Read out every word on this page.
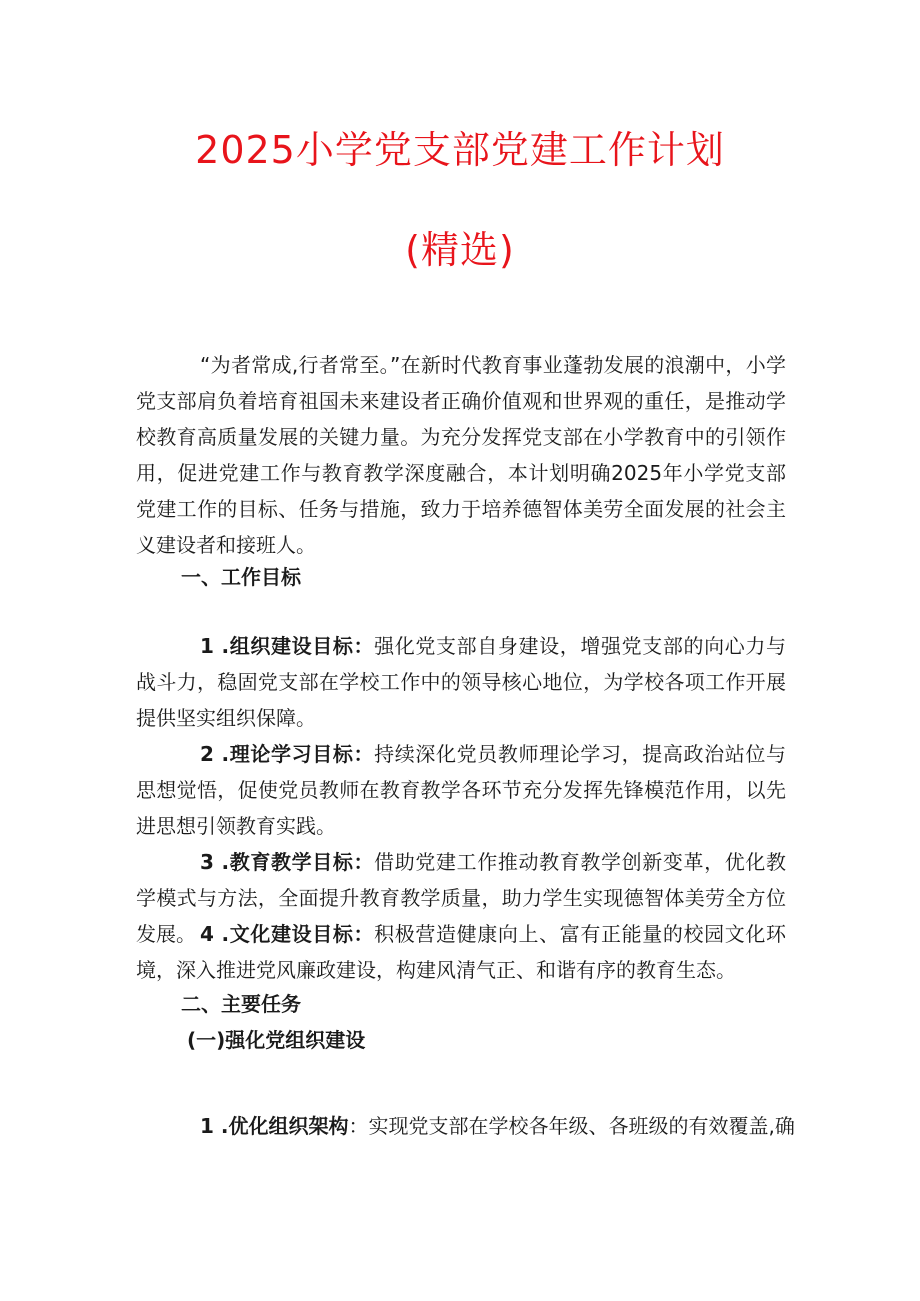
2025小学党支部党建工作计划
(精选)

“为者常成,行者常至。”在新时代教育事业蓬勃发展的浪潮中，小学党支部肩负着培育祖国未来建设者正确价值观和世界观的重任，是推动学校教育高质量发展的关键力量。为充分发挥党支部在小学教育中的引领作用，促进党建工作与教育教学深度融合，本计划明确2025年小学党支部党建工作的目标、任务与措施，致力于培养德智体美劳全面发展的社会主义建设者和接班人。

一、工作目标

1 .组织建设目标：强化党支部自身建设，增强党支部的向心力与战斗力，稳固党支部在学校工作中的领导核心地位，为学校各项工作开展提供坚实组织保障。

2 .理论学习目标：持续深化党员教师理论学习，提高政治站位与思想觉悟，促使党员教师在教育教学各环节充分发挥先锋模范作用，以先进思想引领教育实践。

3 .教育教学目标：借助党建工作推动教育教学创新变革，优化教学模式与方法，全面提升教育教学质量，助力学生实现德智体美劳全方位发展。 4 .文化建设目标：积极营造健康向上、富有正能量的校园文化环境，深入推进党风廉政建设，构建风清气正、和谐有序的教育生态。

二、主要任务
(一)强化党组织建设

1 .优化组织架构：实现党支部在学校各年级、各班级的有效覆盖,确
